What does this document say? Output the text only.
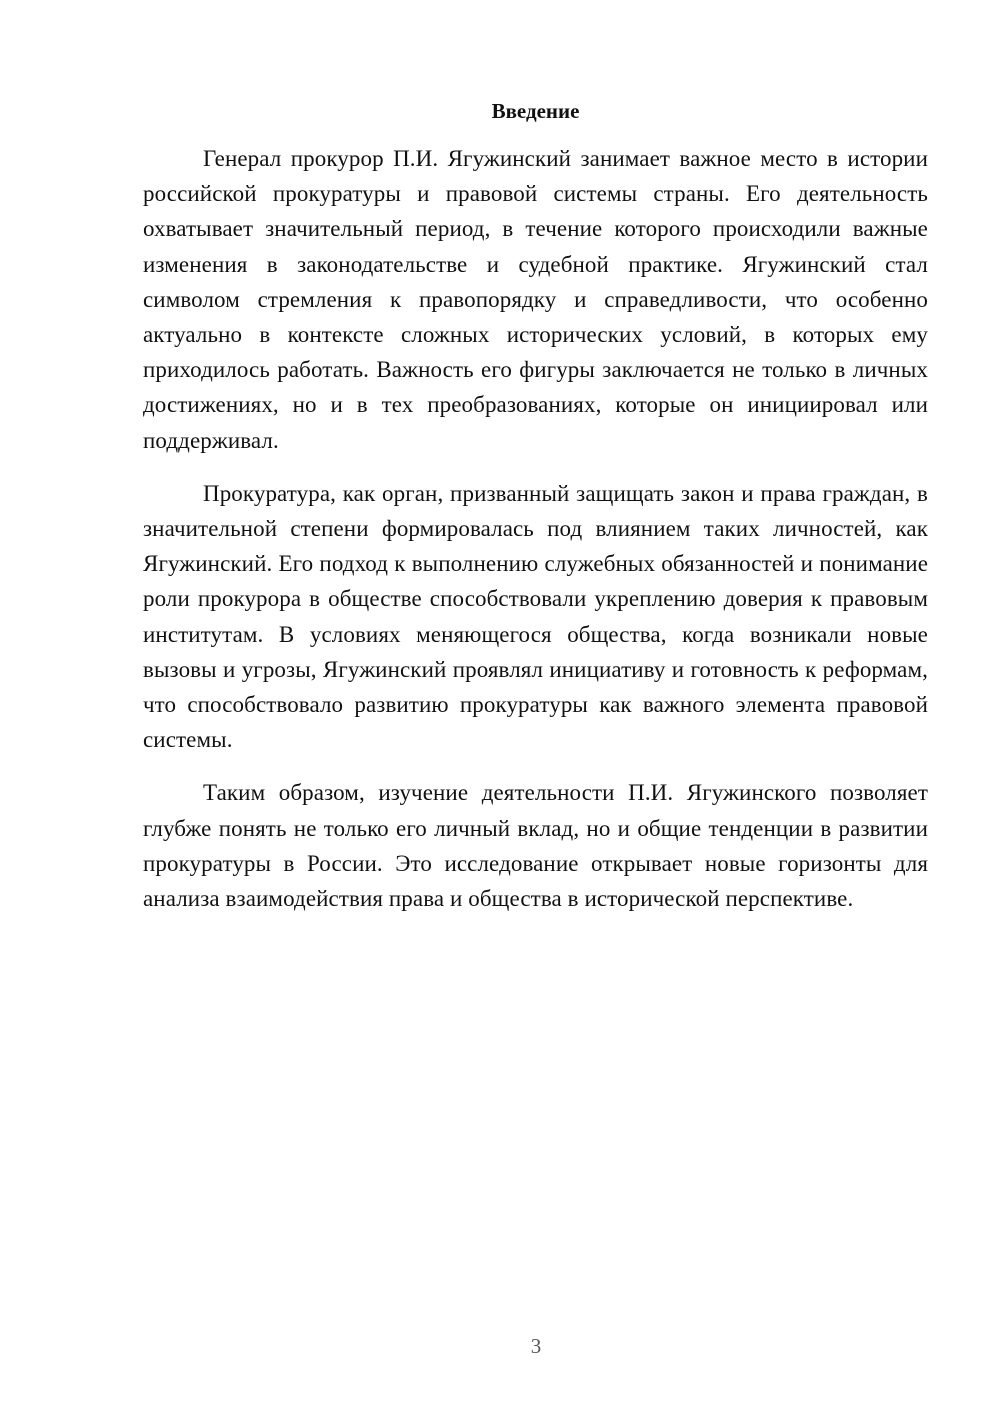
Введение

Генерал прокурор П.И. Ягужинский занимает важное место в истории российской прокуратуры и правовой системы страны. Его деятельность охватывает значительный период, в течение которого происходили важные изменения в законодательстве и судебной практике. Ягужинский стал символом стремления к правопорядку и справедливости, что особенно актуально в контексте сложных исторических условий, в которых ему приходилось работать. Важность его фигуры заключается не только в личных достижениях, но и в тех преобразованиях, которые он инициировал или поддерживал.

Прокуратура, как орган, призванный защищать закон и права граждан, в значительной степени формировалась под влиянием таких личностей, как Ягужинский. Его подход к выполнению служебных обязанностей и понимание роли прокурора в обществе способствовали укреплению доверия к правовым институтам. В условиях меняющегося общества, когда возникали новые вызовы и угрозы, Ягужинский проявлял инициативу и готовность к реформам, что способствовало развитию прокуратуры как важного элемента правовой системы.

Таким образом, изучение деятельности П.И. Ягужинского позволяет глубже понять не только его личный вклад, но и общие тенденции в развитии прокуратуры в России. Это исследование открывает новые горизонты для анализа взаимодействия права и общества в исторической перспективе.

3
